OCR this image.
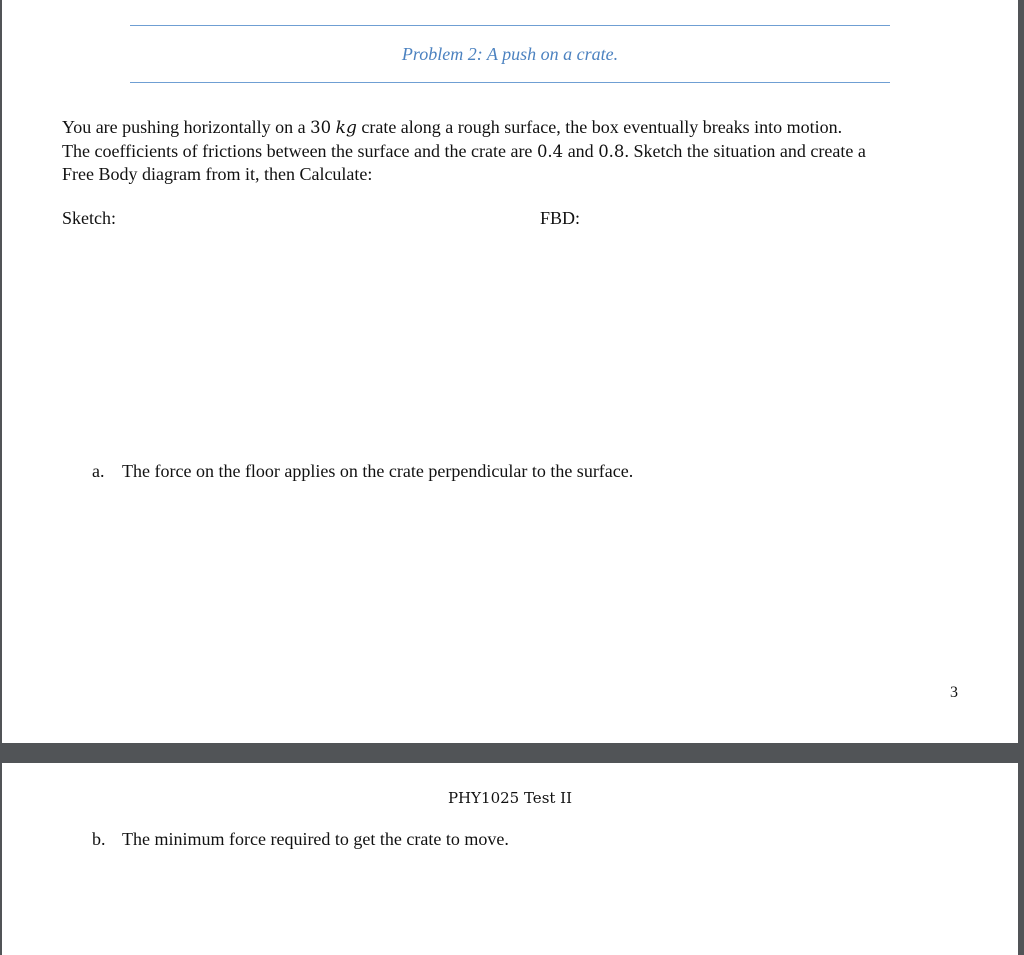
Problem 2: A push on a crate.

You are pushing horizontally on a 30 kg crate along a rough surface, the box eventually breaks into motion.
The coefficients of frictions between the surface and the crate are 0.4 and 0.8. Sketch the situation and create a
Free Body diagram from it, then Calculate:

Sketch:	FBD:
a. The force on the floor applies on the crate perpendicular to the surface.
3
PHY1025 Test II
b. The minimum force required to get the crate to move.
